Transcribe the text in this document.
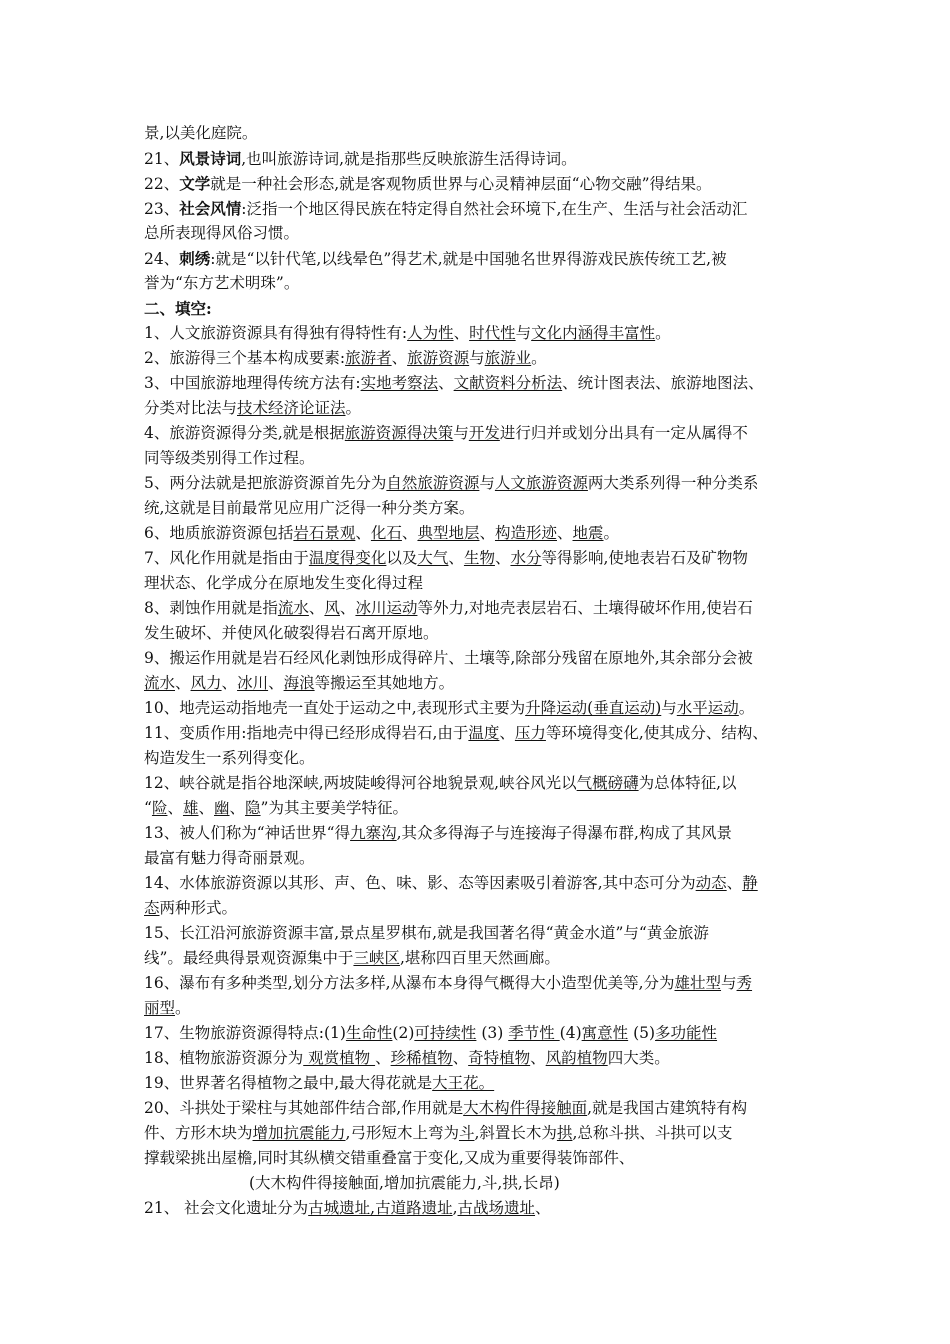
景,以美化庭院。
21、风景诗词,也叫旅游诗词,就是指那些反映旅游生活得诗词。
22、文学就是一种社会形态,就是客观物质世界与心灵精神层面“心物交融”得结果。
23、社会风情:泛指一个地区得民族在特定得自然社会环境下,在生产、生活与社会活动汇
总所表现得风俗习惯。
24、刺绣:就是“以针代笔,以线晕色”得艺术,就是中国驰名世界得游戏民族传统工艺,被
誉为“东方艺术明珠”。
二、填空:
1、人文旅游资源具有得独有得特性有:人为性、时代性与文化内涵得丰富性。
2、旅游得三个基本构成要素:旅游者、旅游资源与旅游业。
3、中国旅游地理得传统方法有:实地考察法、文献资料分析法、统计图表法、旅游地图法、
分类对比法与技术经济论证法。
4、旅游资源得分类,就是根据旅游资源得决策与开发进行归并或划分出具有一定从属得不
同等级类别得工作过程。
5、两分法就是把旅游资源首先分为自然旅游资源与人文旅游资源两大类系列得一种分类系
统,这就是目前最常见应用广泛得一种分类方案。
6、地质旅游资源包括岩石景观、化石、典型地层、构造形迹、地震。
7、风化作用就是指由于温度得变化以及大气、生物、水分等得影响,使地表岩石及矿物物
理状态、化学成分在原地发生变化得过程
8、剥蚀作用就是指流水、风、冰川运动等外力,对地壳表层岩石、土壤得破坏作用,使岩石
发生破坏、并使风化破裂得岩石离开原地。
9、搬运作用就是岩石经风化剥蚀形成得碎片、土壤等,除部分残留在原地外,其余部分会被
流水、风力、冰川、海浪等搬运至其她地方。
10、地壳运动指地壳一直处于运动之中,表现形式主要为升降运动(垂直运动)与水平运动。
11、变质作用:指地壳中得已经形成得岩石,由于温度、压力等环境得变化,使其成分、结构、
构造发生一系列得变化。
12、峡谷就是指谷地深峡,两坡陡峻得河谷地貌景观,峡谷风光以气概磅礴为总体特征,以
“险、雄、幽、隐”为其主要美学特征。
13、被人们称为“神话世界“得九寨沟,其众多得海子与连接海子得瀑布群,构成了其风景
最富有魅力得奇丽景观。
14、水体旅游资源以其形、声、色、味、影、态等因素吸引着游客,其中态可分为动态、静
态两种形式。
15、长江沿河旅游资源丰富,景点星罗棋布,就是我国著名得“黄金水道”与“黄金旅游
线”。最经典得景观资源集中于三峡区,堪称四百里天然画廊。
16、瀑布有多种类型,划分方法多样,从瀑布本身得气概得大小造型优美等,分为雄壮型与秀
丽型。
17、生物旅游资源得特点:(1)生命性(2)可持续性 (3) 季节性 (4)寓意性 (5)多功能性
18、植物旅游资源分为 观赏植物 、珍稀植物、奇特植物、风韵植物四大类。
19、世界著名得植物之最中,最大得花就是大王花。
20、斗拱处于梁柱与其她部件结合部,作用就是大木构件得接触面,就是我国古建筑特有构
件、方形木块为增加抗震能力,弓形短木上弯为斗,斜置长木为拱,总称斗拱、斗拱可以支
撑载梁挑出屋檐,同时其纵横交错重叠富于变化,又成为重要得装饰部件、
(大木构件得接触面,增加抗震能力,斗,拱,长昂)
21、 社会文化遗址分为古城遗址,古道路遗址,古战场遗址、
